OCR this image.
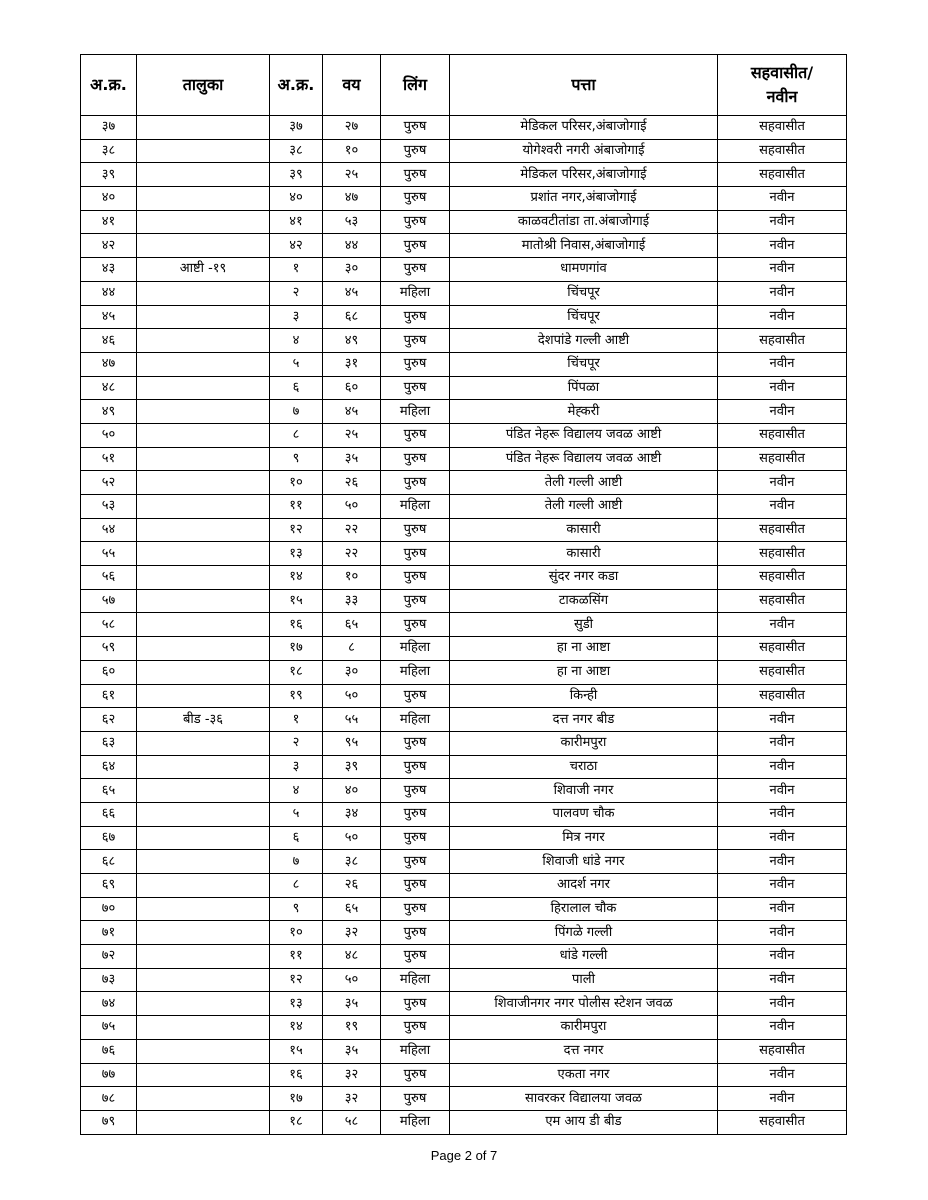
अ.क्र.	तालुका	अ.क्र.	वय	लिंग	पत्ता	सहवासीत/
नवीन

३७		३७	२७	पुरुष	मेडिकल परिसर,अंबाजोगाई	सहवासीत
३८		३८	१०	पुरुष	योगेश्वरी नगरी अंबाजोगाई	सहवासीत
३९		३९	२५	पुरुष	मेडिकल परिसर,अंबाजोगाई	सहवासीत
४०		४०	४७	पुरुष	प्रशांत नगर,अंबाजोगाई	नवीन
४१		४१	५३	पुरुष	काळवटीतांडा ता.अंबाजोगाई	नवीन
४२		४२	४४	पुरुष	मातोश्री निवास,अंबाजोगाई	नवीन
४३	आष्टी -१९	१	३०	पुरुष	धामणगांव	नवीन
४४		२	४५	महिला	चिंचपूर	नवीन
४५		३	६८	पुरुष	चिंचपूर	नवीन
४६		४	४९	पुरुष	देशपांडे गल्ली आष्टी	सहवासीत
४७		५	३१	पुरुष	चिंचपूर	नवीन
४८		६	६०	पुरुष	पिंपळा	नवीन
४९		७	४५	महिला	मेह्करी	नवीन
५०		८	२५	पुरुष	पंडित नेहरू विद्यालय जवळ आष्टी	सहवासीत
५१		९	३५	पुरुष	पंडित नेहरू विद्यालय जवळ आष्टी	सहवासीत
५२		१०	२६	पुरुष	तेली गल्ली आष्टी	नवीन
५३		११	५०	महिला	तेली गल्ली आष्टी	नवीन
५४		१२	२२	पुरुष	कासारी	सहवासीत
५५		१३	२२	पुरुष	कासारी	सहवासीत
५६		१४	१०	पुरुष	सुंदर नगर कडा	सहवासीत
५७		१५	३३	पुरुष	टाकळसिंग	सहवासीत
५८		१६	६५	पुरुष	सुडी	नवीन
५९		१७	८	महिला	हा ना आष्टा	सहवासीत
६०		१८	३०	महिला	हा ना आष्टा	सहवासीत
६१		१९	५०	पुरुष	किन्ही	सहवासीत
६२	बीड -३६	१	५५	महिला	दत्त नगर बीड	नवीन
६३		२	९५	पुरुष	कारीमपुरा	नवीन
६४		३	३९	पुरुष	चराठा	नवीन
६५		४	४०	पुरुष	शिवाजी नगर	नवीन
६६		५	३४	पुरुष	पालवण चौक	नवीन
६७		६	५०	पुरुष	मित्र नगर	नवीन
६८		७	३८	पुरुष	शिवाजी धांडे नगर	नवीन
६९		८	२६	पुरुष	आदर्श नगर	नवीन
७०		९	६५	पुरुष	हिरालाल चौक	नवीन
७१		१०	३२	पुरुष	पिंगळे गल्ली	नवीन
७२		११	४८	पुरुष	धांडे गल्ली	नवीन
७३		१२	५०	महिला	पाली	नवीन
७४		१३	३५	पुरुष	शिवाजीनगर नगर पोलीस स्टेशन जवळ	नवीन
७५		१४	१९	पुरुष	कारीमपुरा	नवीन
७६		१५	३५	महिला	दत्त नगर	सहवासीत
७७		१६	३२	पुरुष	एकता नगर	नवीन
७८		१७	३२	पुरुष	सावरकर विद्यालया जवळ	नवीन
७९		१८	५८	महिला	एम आय डी बीड	सहवासीत
Page 2 of 7
